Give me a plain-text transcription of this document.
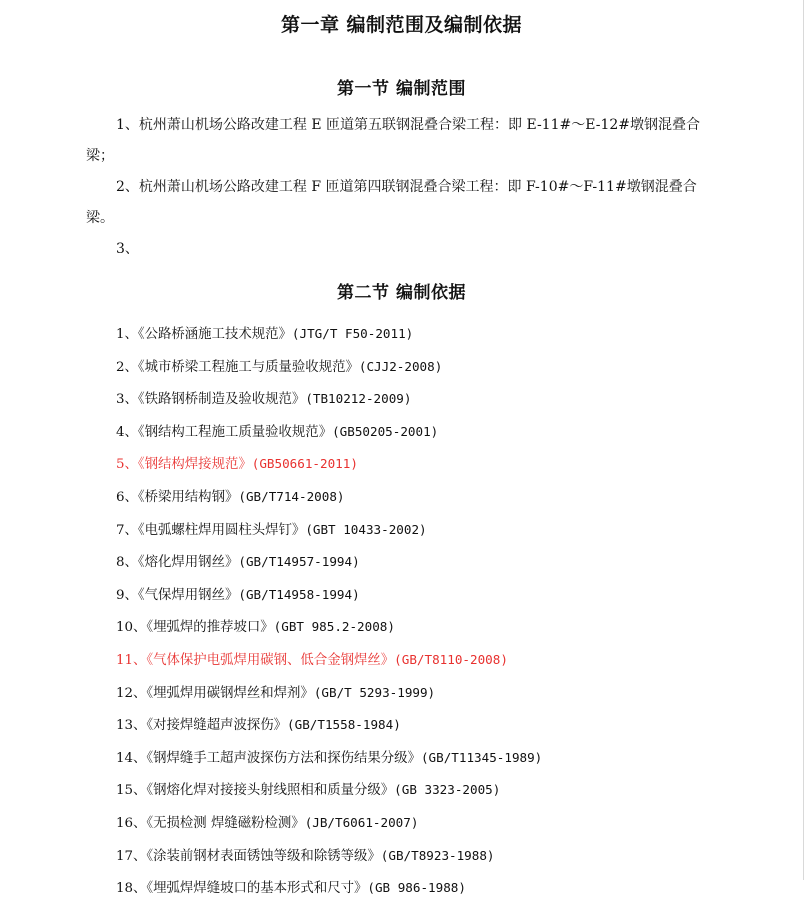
第一章 编制范围及编制依据
第一节 编制范围

1、杭州萧山机场公路改建工程 E 匝道第五联钢混叠合梁工程：即 E-11#～E-12#墩钢混叠合梁；

2、杭州萧山机场公路改建工程 F 匝道第四联钢混叠合梁工程：即 F-10#～F-11#墩钢混叠合梁。

3、

第二节 编制依据

1、《公路桥涵施工技术规范》(JTG/T F50-2011)

2、《城市桥梁工程施工与质量验收规范》(CJJ2-2008)

3、《铁路钢桥制造及验收规范》(TB10212-2009)

4、《钢结构工程施工质量验收规范》(GB50205-2001)

5、《钢结构焊接规范》(GB50661-2011)

6、《桥梁用结构钢》(GB/T714-2008)

7、《电弧螺柱焊用圆柱头焊钉》(GBT 10433-2002)

8、《熔化焊用钢丝》(GB/T14957-1994)

9、《气保焊用钢丝》(GB/T14958-1994)

10、《埋弧焊的推荐坡口》(GBT 985.2-2008)

11、《气体保护电弧焊用碳钢、低合金钢焊丝》(GB/T8110-2008)

12、《埋弧焊用碳钢焊丝和焊剂》(GB/T 5293-1999)

13、《对接焊缝超声波探伤》(GB/T1558-1984)

14、《钢焊缝手工超声波探伤方法和探伤结果分级》(GB/T11345-1989)

15、《钢熔化焊对接接头射线照相和质量分级》(GB 3323-2005)

16、《无损检测 焊缝磁粉检测》(JB/T6061-2007)

17、《涂装前钢材表面锈蚀等级和除锈等级》(GB/T8923-1988)

18、《埋弧焊焊缝坡口的基本形式和尺寸》(GB 986-1988)
